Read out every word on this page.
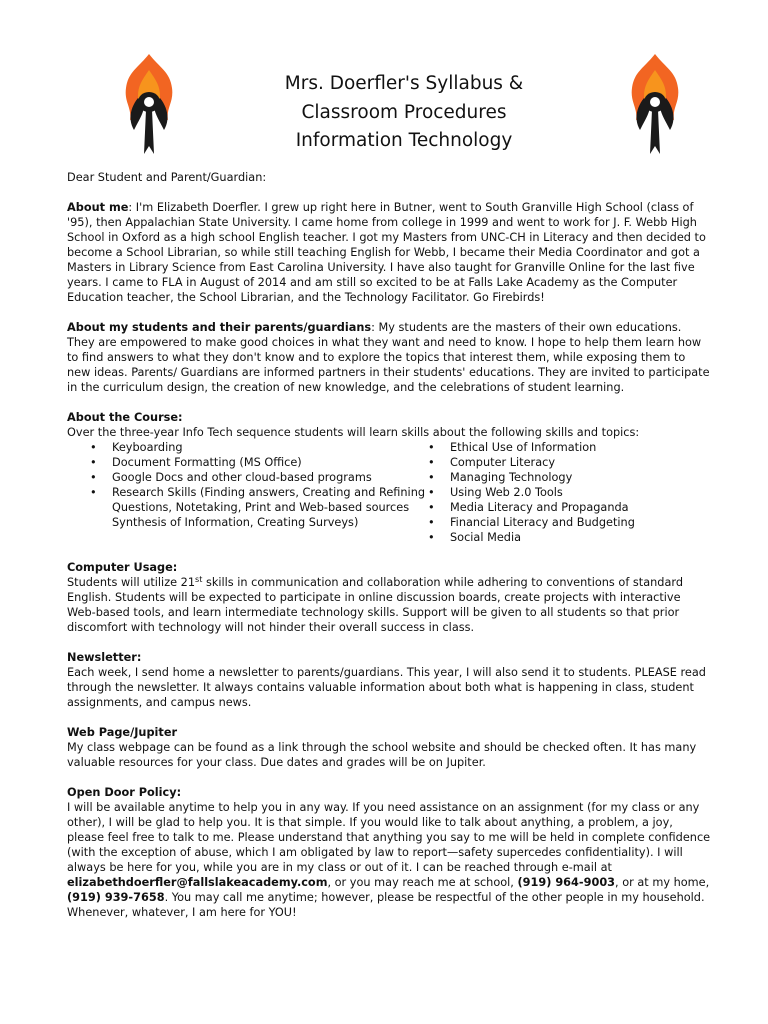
Mrs. Doerfler's Syllabus &
Classroom Procedures
Information Technology

Dear Student and Parent/Guardian:

About me: I'm Elizabeth Doerfler. I grew up right here in Butner, went to South Granville High School (class of '95), then Appalachian State University. I came home from college in 1999 and went to work for J. F. Webb High School in Oxford as a high school English teacher. I got my Masters from UNC-CH in Literacy and then decided to become a School Librarian, so while still teaching English for Webb, I became their Media Coordinator and got a Masters in Library Science from East Carolina University. I have also taught for Granville Online for the last five years. I came to FLA in August of 2014 and am still so excited to be at Falls Lake Academy as the Computer Education teacher, the School Librarian, and the Technology Facilitator. Go Firebirds!

About my students and their parents/guardians: My students are the masters of their own educations. They are empowered to make good choices in what they want and need to know. I hope to help them learn how to find answers to what they don't know and to explore the topics that interest them, while exposing them to new ideas. Parents/ Guardians are informed partners in their students' educations. They are invited to participate in the curriculum design, the creation of new knowledge, and the celebrations of student learning.

About the Course:

Over the three-year Info Tech sequence students will learn skills about the following skills and topics:

• Keyboarding
• Document Formatting (MS Office)
• Google Docs and other cloud-based programs
• Research Skills (Finding answers, Creating and Refining Questions, Notetaking, Print and Web-based sources Synthesis of Information, Creating Surveys)
• Ethical Use of Information
• Computer Literacy
• Managing Technology
• Using Web 2.0 Tools
• Media Literacy and Propaganda
• Financial Literacy and Budgeting
• Social Media

Computer Usage:

Students will utilize 21st skills in communication and collaboration while adhering to conventions of standard English. Students will be expected to participate in online discussion boards, create projects with interactive Web-based tools, and learn intermediate technology skills. Support will be given to all students so that prior discomfort with technology will not hinder their overall success in class.

Newsletter:

Each week, I send home a newsletter to parents/guardians. This year, I will also send it to students. PLEASE read through the newsletter. It always contains valuable information about both what is happening in class, student assignments, and campus news.

Web Page/Jupiter

My class webpage can be found as a link through the school website and should be checked often. It has many valuable resources for your class. Due dates and grades will be on Jupiter.

Open Door Policy:

I will be available anytime to help you in any way. If you need assistance on an assignment (for my class or any other), I will be glad to help you. It is that simple. If you would like to talk about anything, a problem, a joy, please feel free to talk to me. Please understand that anything you say to me will be held in complete confidence (with the exception of abuse, which I am obligated by law to report—safety supercedes confidentiality). I will always be here for you, while you are in my class or out of it. I can be reached through e-mail at elizabethdoerfler@fallslakeacademy.com, or you may reach me at school, (919) 964-9003, or at my home, (919) 939-7658. You may call me anytime; however, please be respectful of the other people in my household. Whenever, whatever, I am here for YOU!
